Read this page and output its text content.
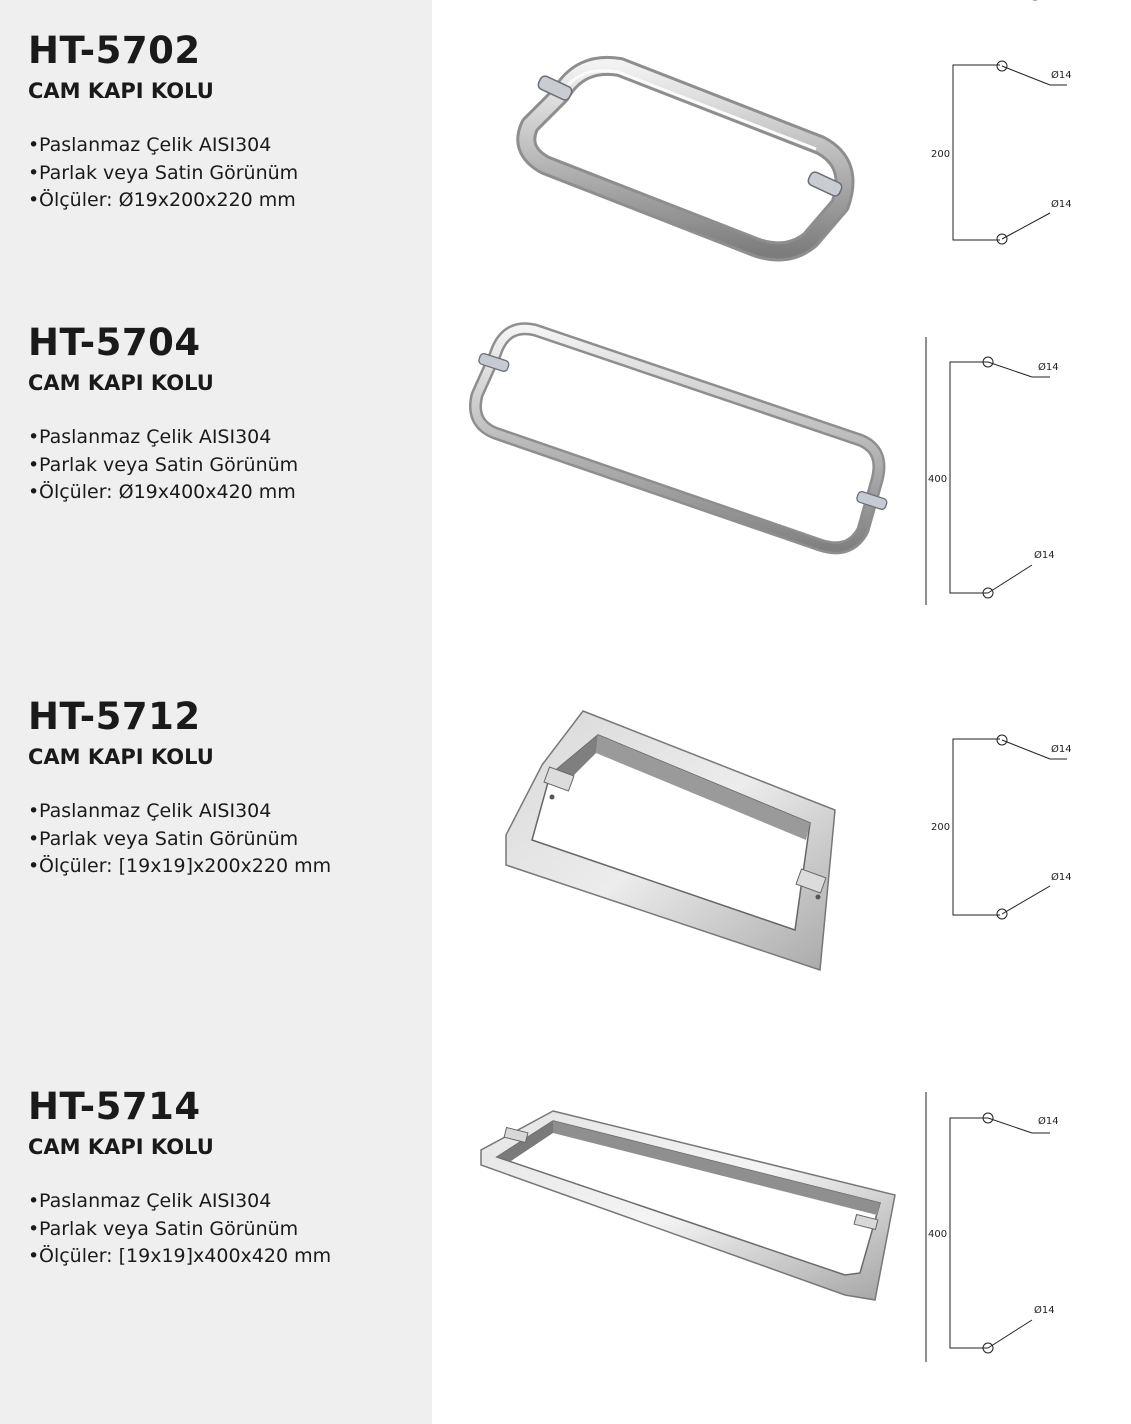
HT-5702
CAM KAPI KOLU
•Paslanmaz Çelik AISI304
•Parlak veya Satin Görünüm
•Ölçüler: Ø19x200x220 mm
200
Ø14
Ø14
HT-5704
CAM KAPI KOLU
•Paslanmaz Çelik AISI304
•Parlak veya Satin Görünüm
•Ölçüler: Ø19x400x420 mm
400
Ø14
Ø14
HT-5712
CAM KAPI KOLU
•Paslanmaz Çelik AISI304
•Parlak veya Satin Görünüm
•Ölçüler: [19x19]x200x220 mm
200
Ø14
Ø14
HT-5714
CAM KAPI KOLU
•Paslanmaz Çelik AISI304
•Parlak veya Satin Görünüm
•Ölçüler: [19x19]x400x420 mm
400
Ø14
Ø14
